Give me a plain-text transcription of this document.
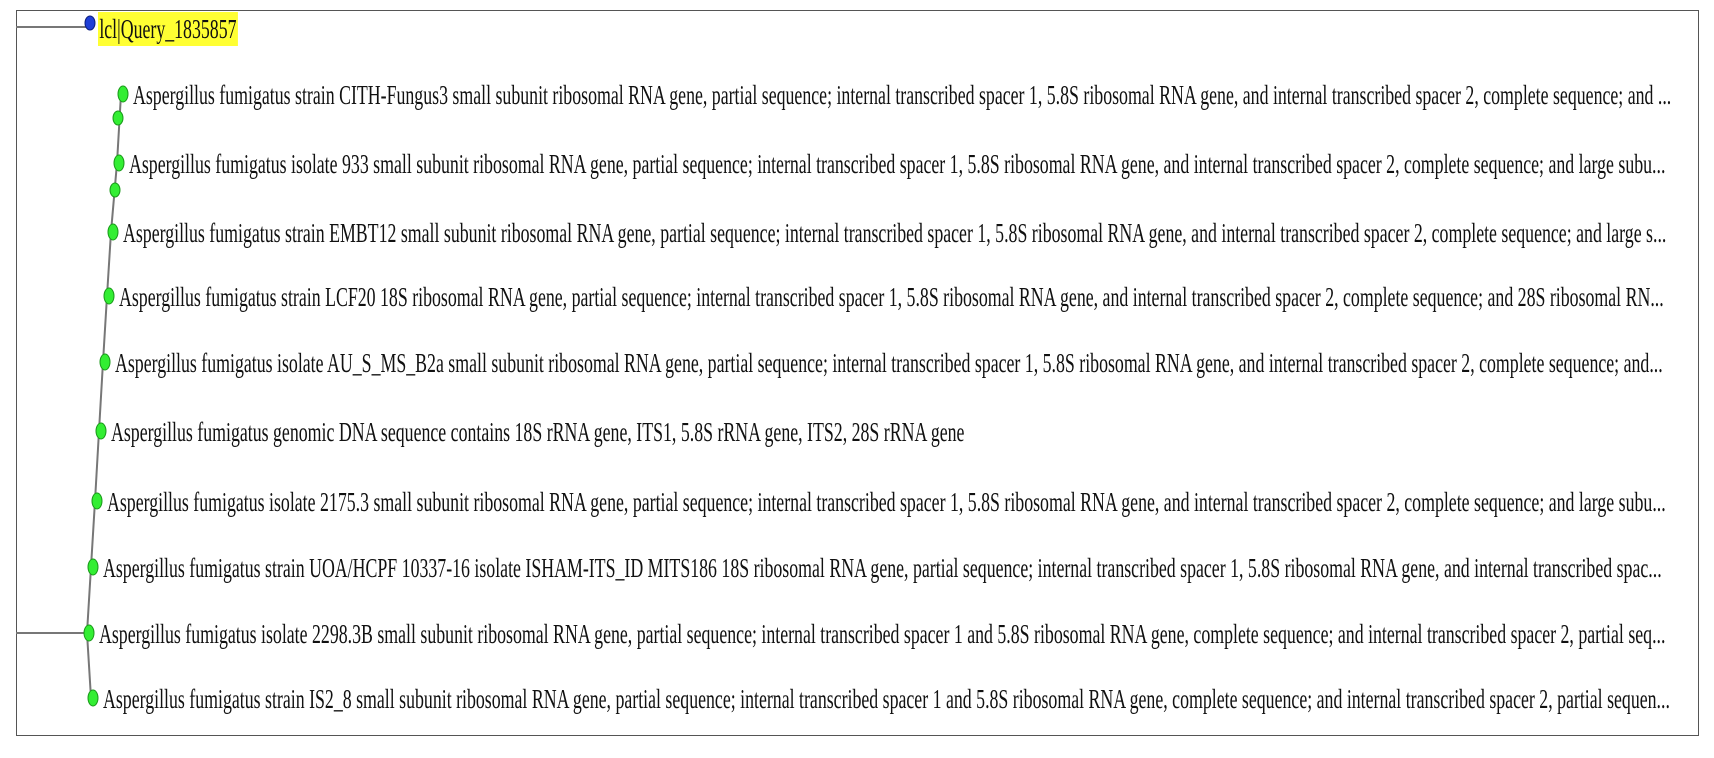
lcl|Query_1835857
Aspergillus fumigatus strain CITH-Fungus3 small subunit ribosomal RNA gene, partial sequence; internal transcribed spacer 1, 5.8S ribosomal RNA gene, and internal transcribed spacer 2, complete sequence; and ...
Aspergillus fumigatus isolate 933 small subunit ribosomal RNA gene, partial sequence; internal transcribed spacer 1, 5.8S ribosomal RNA gene, and internal transcribed spacer 2, complete sequence; and large subu...
Aspergillus fumigatus strain EMBT12 small subunit ribosomal RNA gene, partial sequence; internal transcribed spacer 1, 5.8S ribosomal RNA gene, and internal transcribed spacer 2, complete sequence; and large s...
Aspergillus fumigatus strain LCF20 18S ribosomal RNA gene, partial sequence; internal transcribed spacer 1, 5.8S ribosomal RNA gene, and internal transcribed spacer 2, complete sequence; and 28S ribosomal RN...
Aspergillus fumigatus isolate AU_S_MS_B2a small subunit ribosomal RNA gene, partial sequence; internal transcribed spacer 1, 5.8S ribosomal RNA gene, and internal transcribed spacer 2, complete sequence; and...
Aspergillus fumigatus genomic DNA sequence contains 18S rRNA gene, ITS1, 5.8S rRNA gene, ITS2, 28S rRNA gene
Aspergillus fumigatus isolate 2175.3 small subunit ribosomal RNA gene, partial sequence; internal transcribed spacer 1, 5.8S ribosomal RNA gene, and internal transcribed spacer 2, complete sequence; and large subu...
Aspergillus fumigatus strain UOA/HCPF 10337-16 isolate ISHAM-ITS_ID MITS186 18S ribosomal RNA gene, partial sequence; internal transcribed spacer 1, 5.8S ribosomal RNA gene, and internal transcribed spac...
Aspergillus fumigatus isolate 2298.3B small subunit ribosomal RNA gene, partial sequence; internal transcribed spacer 1 and 5.8S ribosomal RNA gene, complete sequence; and internal transcribed spacer 2, partial seq...
Aspergillus fumigatus strain IS2_8 small subunit ribosomal RNA gene, partial sequence; internal transcribed spacer 1 and 5.8S ribosomal RNA gene, complete sequence; and internal transcribed spacer 2, partial sequen...
